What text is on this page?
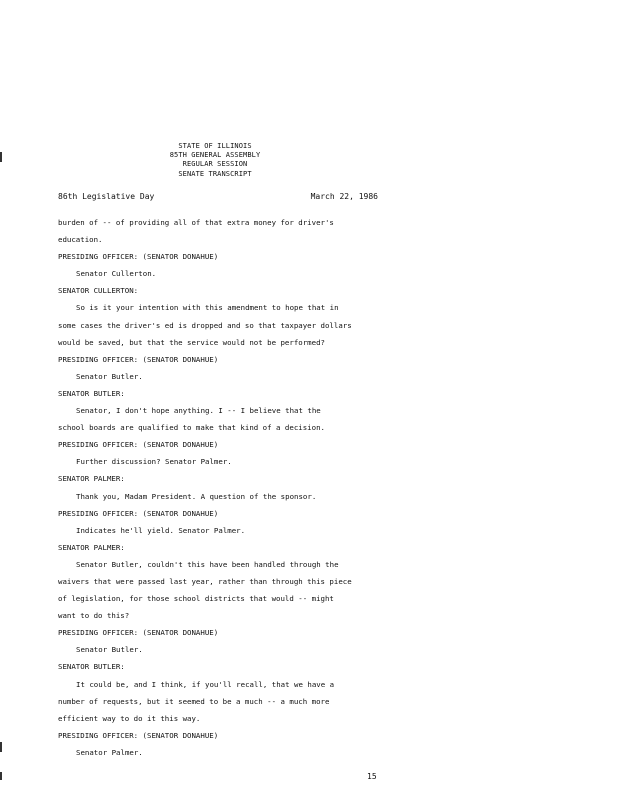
STATE OF ILLINOIS
85TH GENERAL ASSEMBLY
REGULAR SESSION
SENATE TRANSCRIPT
86th Legislative Day	March 22, 1986
burden of -- of providing all of that extra money for driver's
education.
PRESIDING OFFICER: (SENATOR DONAHUE)
Senator Cullerton.
SENATOR CULLERTON:
So is it your intention with this amendment to hope that in
some cases the driver's ed is dropped and so that taxpayer dollars
would be saved, but that the service would not be performed?
PRESIDING OFFICER: (SENATOR DONAHUE)
Senator Butler.
SENATOR BUTLER:
Senator, I don't hope anything. I -- I believe that the
school boards are qualified to make that kind of a decision.
PRESIDING OFFICER: (SENATOR DONAHUE)
Further discussion? Senator Palmer.
SENATOR PALMER:
Thank you, Madam President. A question of the sponsor.
PRESIDING OFFICER: (SENATOR DONAHUE)
Indicates he'll yield. Senator Palmer.
SENATOR PALMER:
Senator Butler, couldn't this have been handled through the
waivers that were passed last year, rather than through this piece
of legislation, for those school districts that would -- might
want to do this?
PRESIDING OFFICER: (SENATOR DONAHUE)
Senator Butler.
SENATOR BUTLER:
It could be, and I think, if you'll recall, that we have a
number of requests, but it seemed to be a much -- a much more
efficient way to do it this way.
PRESIDING OFFICER: (SENATOR DONAHUE)
Senator Palmer.
15
